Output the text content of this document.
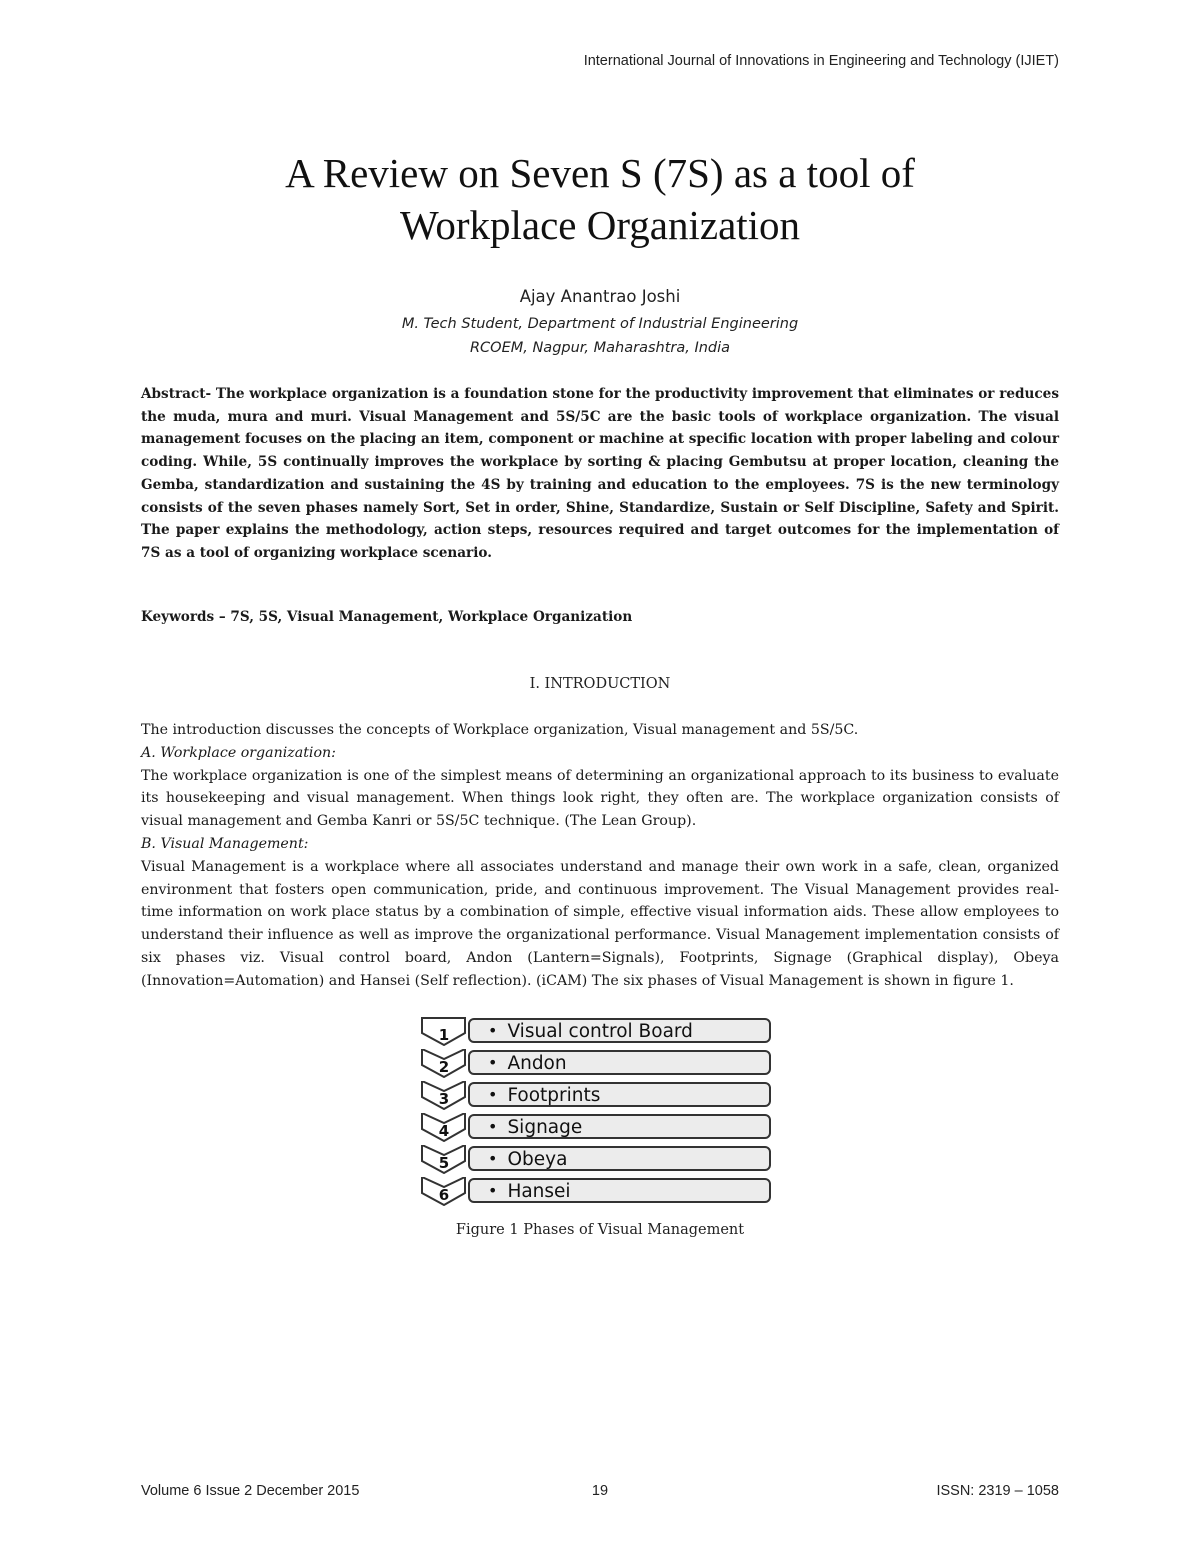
International Journal of Innovations in Engineering and Technology (IJIET)
A Review on Seven S (7S) as a tool of
Workplace Organization
Ajay Anantrao Joshi
M. Tech Student, Department of Industrial Engineering
RCOEM, Nagpur, Maharashtra, India

Abstract- The workplace organization is a foundation stone for the productivity improvement that eliminates or reduces the muda, mura and muri. Visual Management and 5S/5C are the basic tools of workplace organization. The visual management focuses on the placing an item, component or machine at specific location with proper labeling and colour coding. While, 5S continually improves the workplace by sorting & placing Gembutsu at proper location, cleaning the Gemba, standardization and sustaining the 4S by training and education to the employees. 7S is the new terminology consists of the seven phases namely Sort, Set in order, Shine, Standardize, Sustain or Self Discipline, Safety and Spirit. The paper explains the methodology, action steps, resources required and target outcomes for the implementation of 7S as a tool of organizing workplace scenario.

Keywords – 7S, 5S, Visual Management, Workplace Organization

I. INTRODUCTION

The introduction discusses the concepts of Workplace organization, Visual management and 5S/5C.

A. Workplace organization:

The workplace organization is one of the simplest means of determining an organizational approach to its business to evaluate its housekeeping and visual management. When things look right, they often are. The workplace organization consists of visual management and Gemba Kanri or 5S/5C technique. (The Lean Group).

B. Visual Management:

Visual Management is a workplace where all associates understand and manage their own work in a safe, clean, organized environment that fosters open communication, pride, and continuous improvement. The Visual Management provides real-time information on work place status by a combination of simple, effective visual information aids. These allow employees to understand their influence as well as improve the organizational performance. Visual Management implementation consists of six phases viz. Visual control board, Andon (Lantern=Signals), Footprints, Signage (Graphical display), Obeya (Innovation=Automation) and Hansei (Self reflection). (iCAM) The six phases of Visual Management is shown in figure 1.

1	• Visual control Board
2	• Andon
3	• Footprints
4	• Signage
5	• Obeya
6	• Hansei
Figure 1 Phases of Visual Management
Volume 6 Issue 2 December 2015	19	ISSN: 2319 – 1058
